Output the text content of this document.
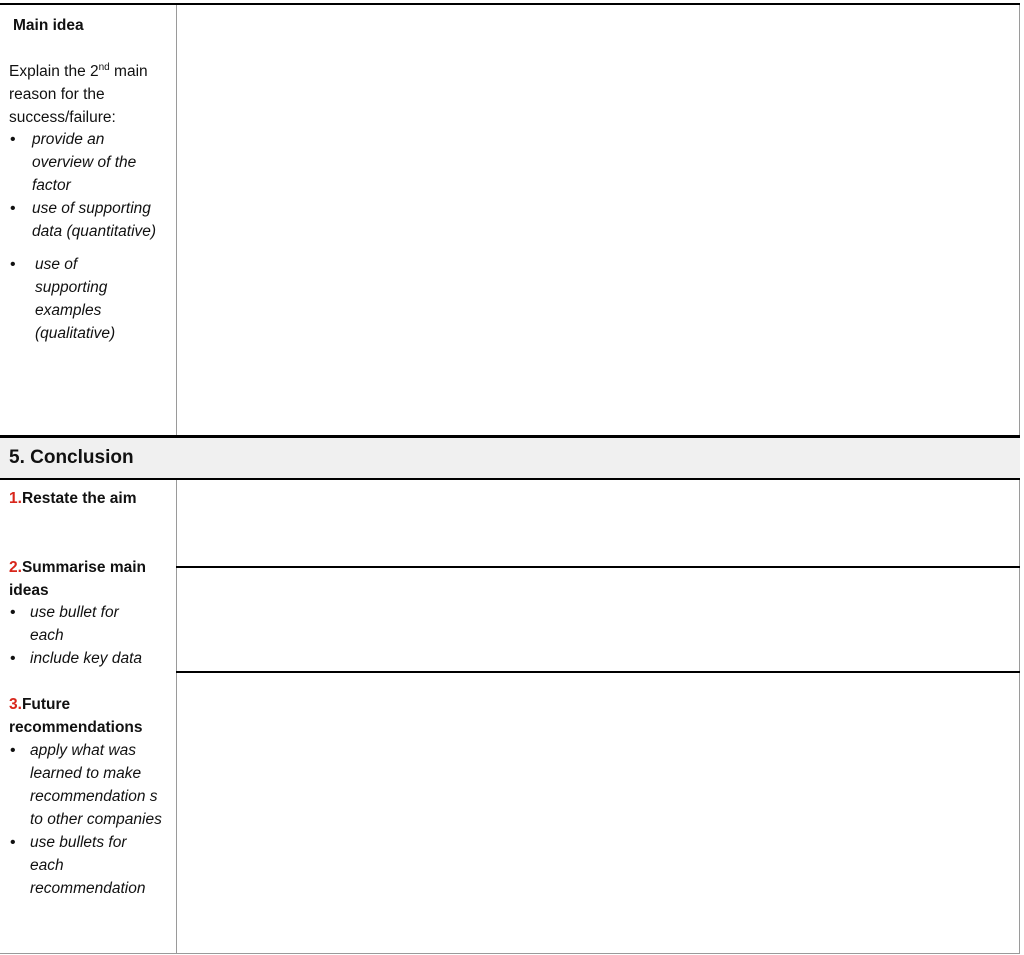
Main idea
Explain the 2nd main reason for the success/failure:
• provide an overview of the factor
• use of supporting data (quantitative)
• use of supporting examples (qualitative)
5. Conclusion
1.Restate the aim
2.Summarise main ideas
• use bullet for each
• include key data
3.Future recommendations
• apply what was learned to make recommendation s to other companies
• use bullets for each recommendation
